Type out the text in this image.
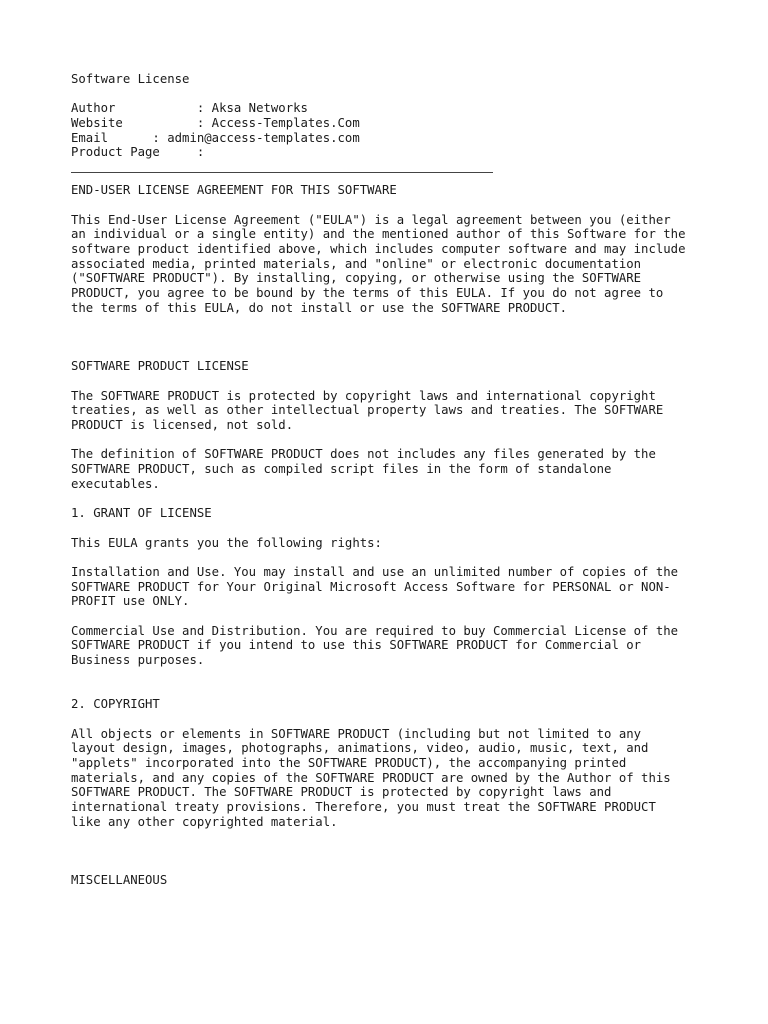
Software License
Author           : Aksa Networks
Website          : Access-Templates.Com
Email      : admin@access-templates.com
Product Page     :
END-USER LICENSE AGREEMENT FOR THIS SOFTWARE
This End-User License Agreement ("EULA") is a legal agreement between you (either
an individual or a single entity) and the mentioned author of this Software for the
software product identified above, which includes computer software and may include
associated media, printed materials, and "online" or electronic documentation
("SOFTWARE PRODUCT"). By installing, copying, or otherwise using the SOFTWARE
PRODUCT, you agree to be bound by the terms of this EULA. If you do not agree to
the terms of this EULA, do not install or use the SOFTWARE PRODUCT.
SOFTWARE PRODUCT LICENSE
The SOFTWARE PRODUCT is protected by copyright laws and international copyright
treaties, as well as other intellectual property laws and treaties. The SOFTWARE
PRODUCT is licensed, not sold.
The definition of SOFTWARE PRODUCT does not includes any files generated by the
SOFTWARE PRODUCT, such as compiled script files in the form of standalone
executables.
1. GRANT OF LICENSE
This EULA grants you the following rights:
Installation and Use. You may install and use an unlimited number of copies of the
SOFTWARE PRODUCT for Your Original Microsoft Access Software for PERSONAL or NON-
PROFIT use ONLY.
Commercial Use and Distribution. You are required to buy Commercial License of the
SOFTWARE PRODUCT if you intend to use this SOFTWARE PRODUCT for Commercial or
Business purposes.
2. COPYRIGHT
All objects or elements in SOFTWARE PRODUCT (including but not limited to any
layout design, images, photographs, animations, video, audio, music, text, and
"applets" incorporated into the SOFTWARE PRODUCT), the accompanying printed
materials, and any copies of the SOFTWARE PRODUCT are owned by the Author of this
SOFTWARE PRODUCT. The SOFTWARE PRODUCT is protected by copyright laws and
international treaty provisions. Therefore, you must treat the SOFTWARE PRODUCT
like any other copyrighted material.
MISCELLANEOUS
